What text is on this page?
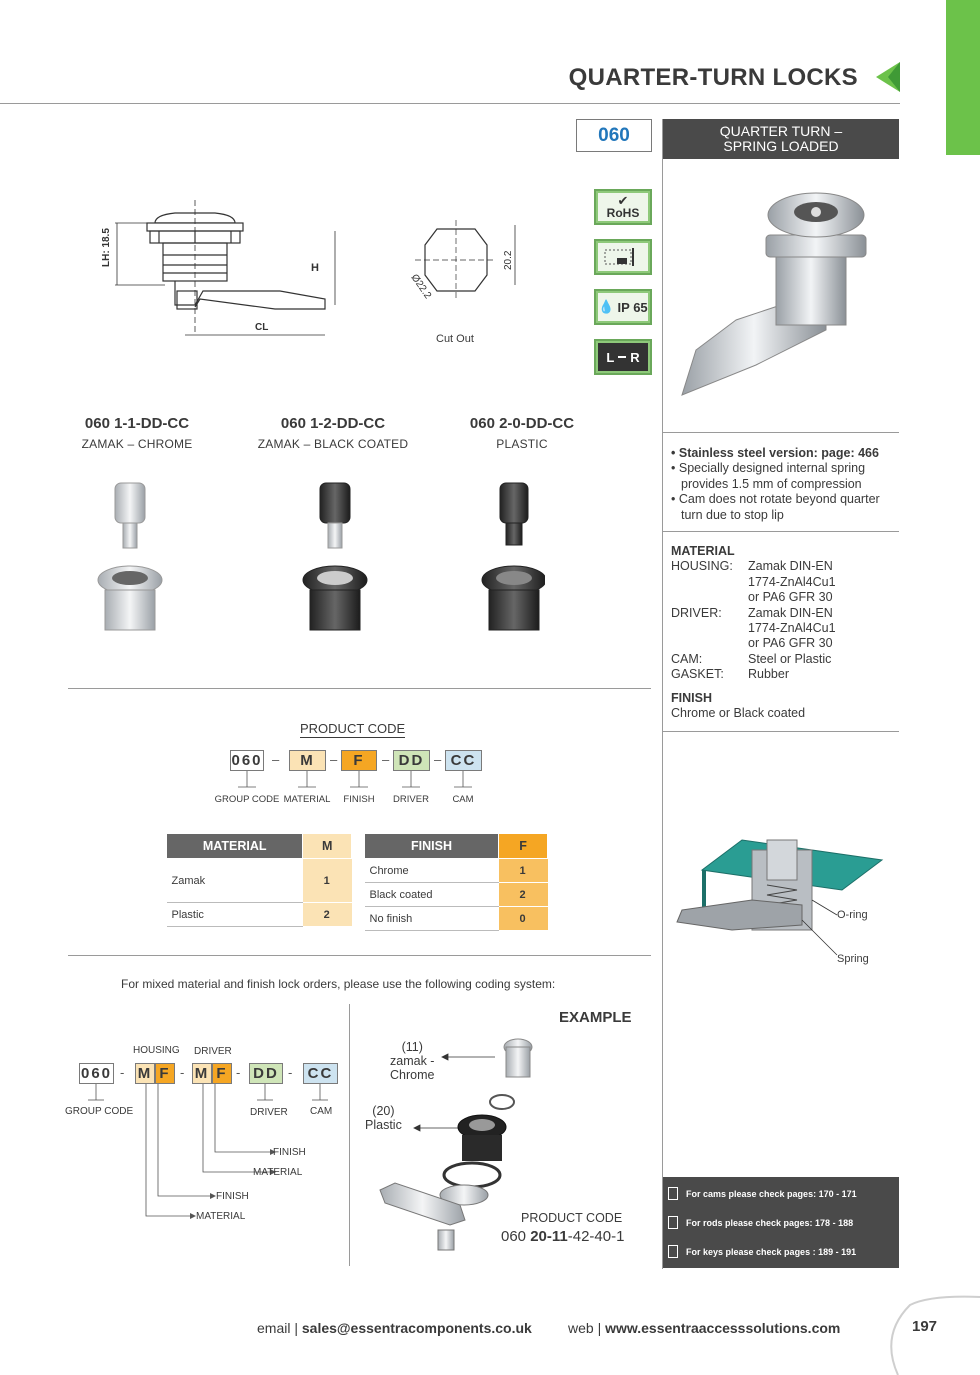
QUARTER-TURN LOCKS
060	QUARTER TURN –
SPRING LOADED
✔
RoHS
💧 IP 65
L R
LH: 18.5
H
CL
Ø22.2
20.2
Cut Out
060 1-1-DD-CC
ZAMAK – CHROME
060 1-2-DD-CC
ZAMAK – BLACK COATED
060 2-0-DD-CC
PLASTIC
• Stainless steel version: page: 466
• Specially designed internal spring provides 1.5 mm of compression
• Cam does not rotate beyond quarter turn due to stop lip
MATERIAL
HOUSING:	Zamak DIN-EN
1774-ZnAl4Cu1
or PA6 GFR 30
DRIVER:	Zamak DIN-EN
1774-ZnAl4Cu1
or PA6 GFR 30
CAM:	Steel or Plastic
GASKET:	Rubber
FINISH
Chrome or Black coated
O-ring
Spring
PRODUCT CODE
060 –	M	–	F	– DD – CC
GROUP CODE MATERIAL	FINISH	DRIVER	CAM
MATERIAL	M
Zamak	1
Plastic	2
FINISH	F
Chrome	1
Black coated	2
No finish	0
For mixed material and finish lock orders, please use the following coding system:
EXAMPLE
HOUSING DRIVER
060 - M F - M F - DD -	CC
GROUP CODE	DRIVER CAM
FINISH
MATERIAL
FINISH
MATERIAL
(11)
zamak -
Chrome
(20)
Plastic
PRODUCT CODE
060 20-11-42-40-1
For cams please check pages: 170 - 171
For rods please check pages: 178 - 188
For keys please check pages : 189 - 191
email | sales@essentracomponents.co.uk	web | www.essentraaccesssolutions.com	197
